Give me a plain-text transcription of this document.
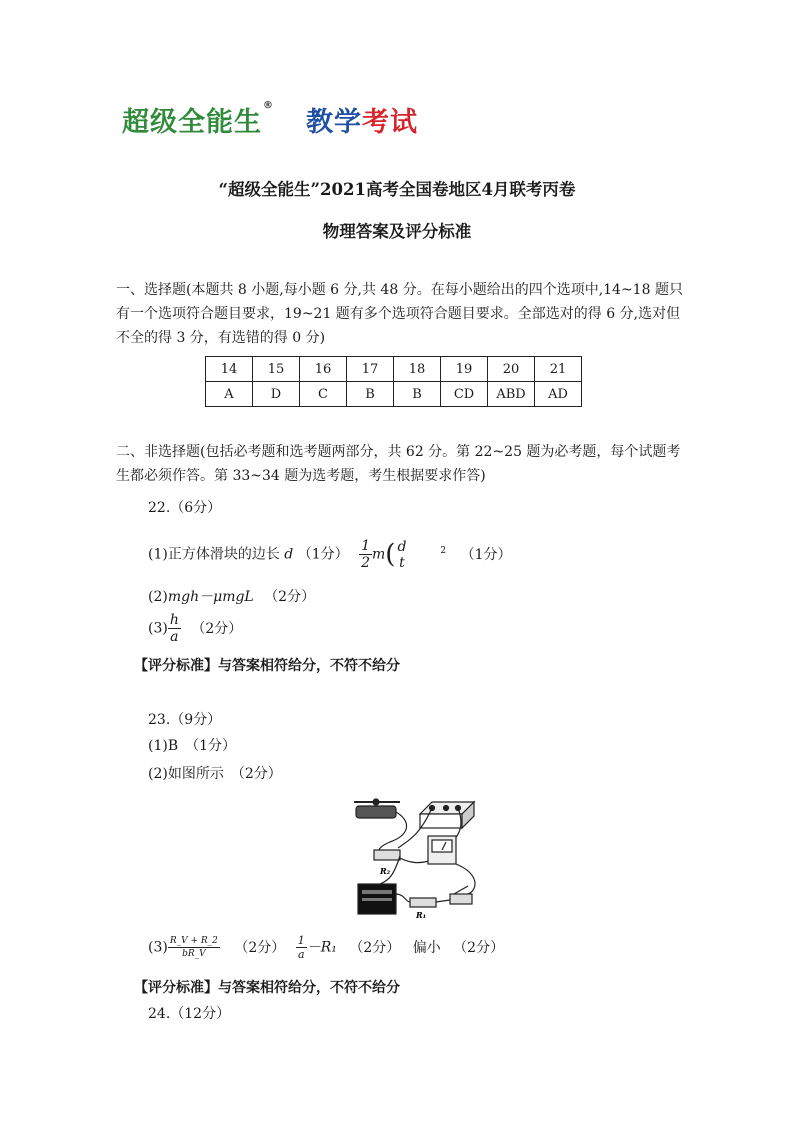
超级全能生®
教学考试
“超级全能生”2021高考全国卷地区4月联考丙卷
物理答案及评分标准
一、选择题(本题共 8 小题,每小题 6 分,共 48 分。在每小题给出的四个选项中,14~18 题只有一个选项符合题目要求，19~21 题有多个选项符合题目要求。全部选对的得 6 分,选对但不全的得 3 分，有选错的得 0 分)
14	15	16	17	18	19	20	21
A	D	C	B	B	CD	ABD	AD
二、非选择题(包括必考题和选考题两部分，共 62 分。第 22~25 题为必考题，每个试题考生都必须作答。第 33~34 题为选考题，考生根据要求作答)
22.（6分）
(1)正方体滑块的边长 d （1分） $\frac{1}{2} m$( d
t
$^2$ （1分）
(2)mgh－μmgL （2分）
$(3) \frac{h}{a} (2$分）
【评分标准】与答案相符给分，不符不给分
23.（9分）
(1)B　（1分）
(2)如图所示　（2分）
R₂
R₁
$(3) \frac{R\_V + R\_2}{bR\_V} (2$分） $\frac{1}{a} -R_1$ （2分） 偏小 （2分）
【评分标准】与答案相符给分，不符不给分
24.（12分）
